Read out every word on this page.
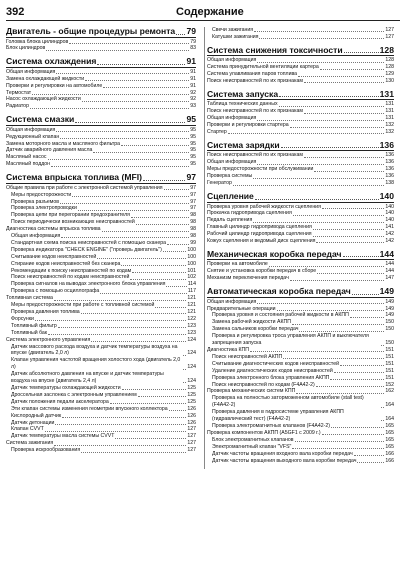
392	Содержание
Двигатель - общие процедуры ремонта 79
Головка блока цилиндров	79
Блок цилиндров	83
Система охлаждения	91
Общая информация	91
Замена охлаждающей жидкости	91
Проверки и регулировки на автомобиле	91
Термостат	92
Насос охлаждающей жидкости	92
Радиатор	93
Система смазки	95
Общая информация	95
Редукционный клапан	95
Замена моторного масла и масляного фильтра	95
Датчик аварийного давления масла	95
Масляный насос	95
Масляный поддон	95
Система впрыска топлива (MFI)	97
Общие правила при работе с электронной системой управления	97
Меры предосторожности	97
Проверка разъемов	97
Проверка электропроводки	97
Проверка цепи при перегорании предохранителя	98
Поиск периодически возникающих неисправностей	98
Диагностика системы впрыска топлива	98
Общая информация	98
Стандартная схема поиска неисправностей с помощью сканера	99
Проверка индикатора "CHECK ENGINE" ("проверь двигатель")	100
Считывание кодов неисправностей	100
Стирание кодов неисправностей без сканера	100
Рекомендации к поиску неисправностей по кодам	101
Поиск неисправностей по кодам неисправностей	102
Проверка сигналов на выводах электронного блока управления	114
Проверка с помощью осциллографа	117
Топливная система	121
Меры предосторожности при работе с топливной системой	121
Проверка давления топлива	121
Форсунки	122
Топливный фильтр	123
Топливный бак	123
Система электронного управления	124
Датчик массового расхода воздуха и датчик температуры воздуха на впуске (двигатель 2,0 л)	124
Клапан управления частотой вращения холостого хода (двигатель 2,0 л)	124
Датчик абсолютного давления на впуске и датчик температуры воздуха на впуске (двигатель 2,4 л)	124
Датчик температуры охлаждающей жидкости	125
Дроссельная заслонка с электронным управлением	125
Датчик положения педали акселератора	125
Эти клапан системы изменения геометрии впускного коллектора	126
Кислородный датчик	126
Датчик детонации	126
Клапан CVVT	127
Датчик температуры масла системы CVVT	127
Система зажигания	127
Проверка искрообразования	127
Свечи зажигания	127
Катушки зажигания	127
Система снижения токсичности	128
Общая информация	128
Система принудительной вентиляции картера	128
Система улавливания паров топлива	129
Поиск неисправностей по их признакам	130
Система запуска	131
Таблица технических данных	131
Поиск неисправностей по их признакам	131
Общая информация	131
Проверки и регулировки стартера	132
Стартер	132
Система зарядки	136
Поиск неисправностей по их признакам	136
Общая информация	136
Меры предосторожности при обслуживании	136
Проверка системы	136
Генератор	138
Сцепление	140
Проверка уровня рабочей жидкости сцепления	140
Прокачка гидропривода сцепления	140
Педаль сцепления	140
Главный цилиндр гидропривода сцепления	141
Рабочий цилиндр гидропривода сцепления	142
Кожух сцепления и ведомый диск сцепления	142
Механическая коробка передач	144
Проверки на автомобиле	144
Снятие и установка коробки передач в сборе	144
Механизм переключения передач	147
Автоматическая коробка передач	149
Общая информация	149
Предварительные операции	149
Проверка уровня и состояния рабочей жидкости в АКПП	149
Замена рабочей жидкости АКПП	150
Замена сальников коробки передач	150
Проверка и регулировка троса управления АКПП и выключателя запрещения запуска	150
Диагностика КПП	151
Поиск неисправностей АКПП	151
Считывание диагностических кодов неисправностей	151
Удаление диагностических кодов неисправностей	151
Проверка электронного блока управления АКПП	151
Поиск неисправностей по кодам (F4A42-2)	152
Проверка механических систем КПП	162
Проверка на полностью заторможенном автомобиле (stall test) (F4A42-2)	164
Проверка давления в гидросистеме управления АКПП (гидравлический тест) (F4A42-2)	164
Проверка электромагнитных клапанов (F4A42-2)	165
Проверка компонентов АКПП (A5GF1 с 2009 г.)	165
Блок электромагнитных клапанов	165
Электромагнитный клапан "VFS"	165
Датчик частоты вращения входного вала коробки передач	166
Датчик частоты вращения выходного вала коробки передач	166
